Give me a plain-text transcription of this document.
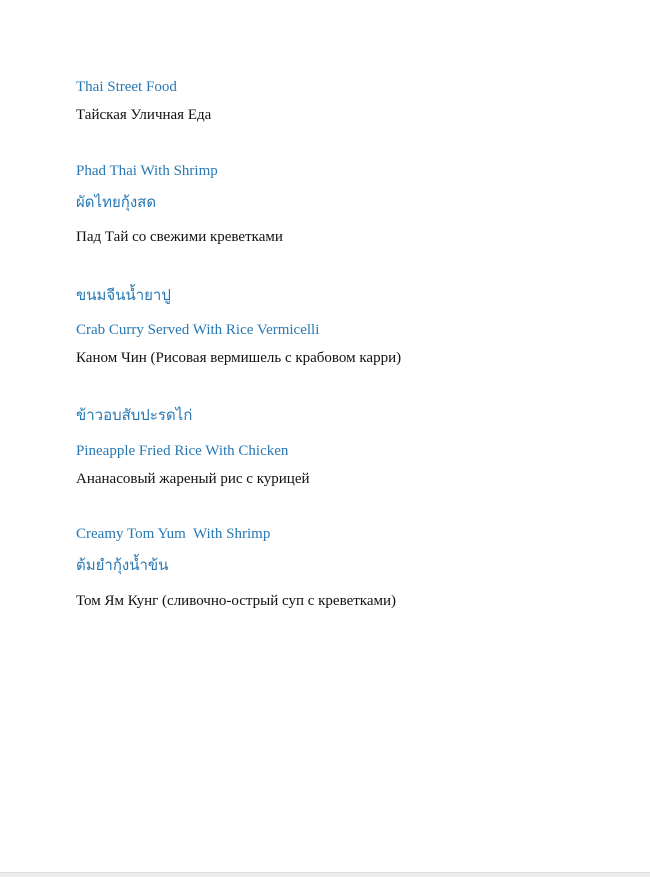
Thai Street Food

Тайская Уличная Еда

Phad Thai With Shrimp

ผัดไทยกุ้งสด

Пад Тай со свежими креветками

ขนมจีนน้ำยาปู

Crab Curry Served With Rice Vermicelli

Каном Чин (Рисовая вермишель с крабовом карри)

ข้าวอบสับปะรดไก่

Pineapple Fried Rice With Chicken

Ананасовый жареный рис с курицей

Creamy Tom Yum  With Shrimp

ต้มยำกุ้งน้ำข้น

Том Ям Кунг (сливочно-острый суп с креветками)
